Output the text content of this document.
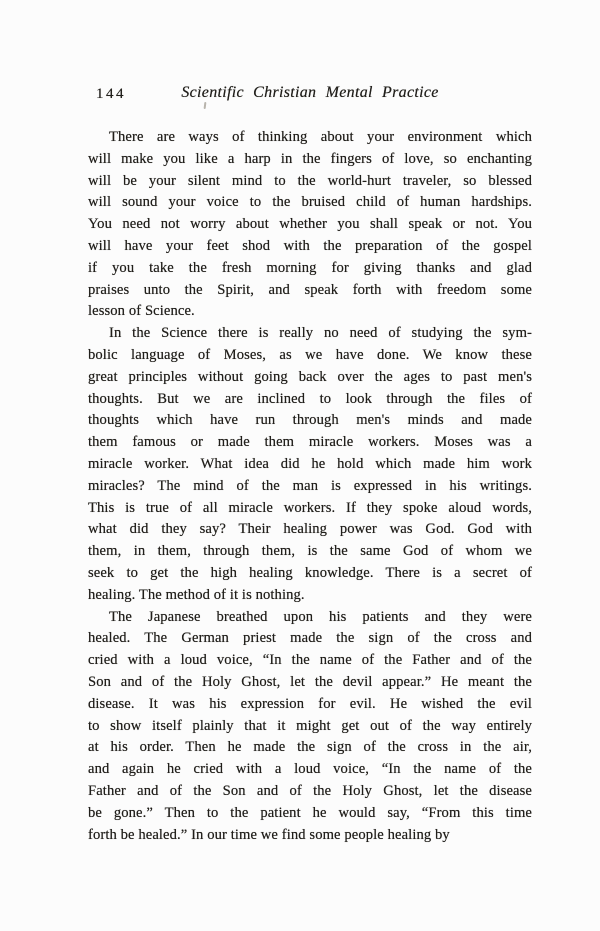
144	Scientific Christian Mental Practice
There are ways of thinking about your environment which
will make you like a harp in the fingers of love, so enchanting
will be your silent mind to the world-hurt traveler, so blessed
will sound your voice to the bruised child of human hardships.
You need not worry about whether you shall speak or not. You
will have your feet shod with the preparation of the gospel
if you take the fresh morning for giving thanks and glad
praises unto the Spirit, and speak forth with freedom some
lesson of Science.
In the Science there is really no need of studying the sym-
bolic language of Moses, as we have done. We know these
great principles without going back over the ages to past men's
thoughts. But we are inclined to look through the files of
thoughts which have run through men's minds and made
them famous or made them miracle workers. Moses was a
miracle worker. What idea did he hold which made him work
miracles? The mind of the man is expressed in his writings.
This is true of all miracle workers. If they spoke aloud words,
what did they say? Their healing power was God. God with
them, in them, through them, is the same God of whom we
seek to get the high healing knowledge. There is a secret of
healing. The method of it is nothing.
The Japanese breathed upon his patients and they were
healed. The German priest made the sign of the cross and
cried with a loud voice, “In the name of the Father and of the
Son and of the Holy Ghost, let the devil appear.” He meant the
disease. It was his expression for evil. He wished the evil
to show itself plainly that it might get out of the way entirely
at his order. Then he made the sign of the cross in the air,
and again he cried with a loud voice, “In the name of the
Father and of the Son and of the Holy Ghost, let the disease
be gone.” Then to the patient he would say, “From this time
forth be healed.” In our time we find some people healing by
